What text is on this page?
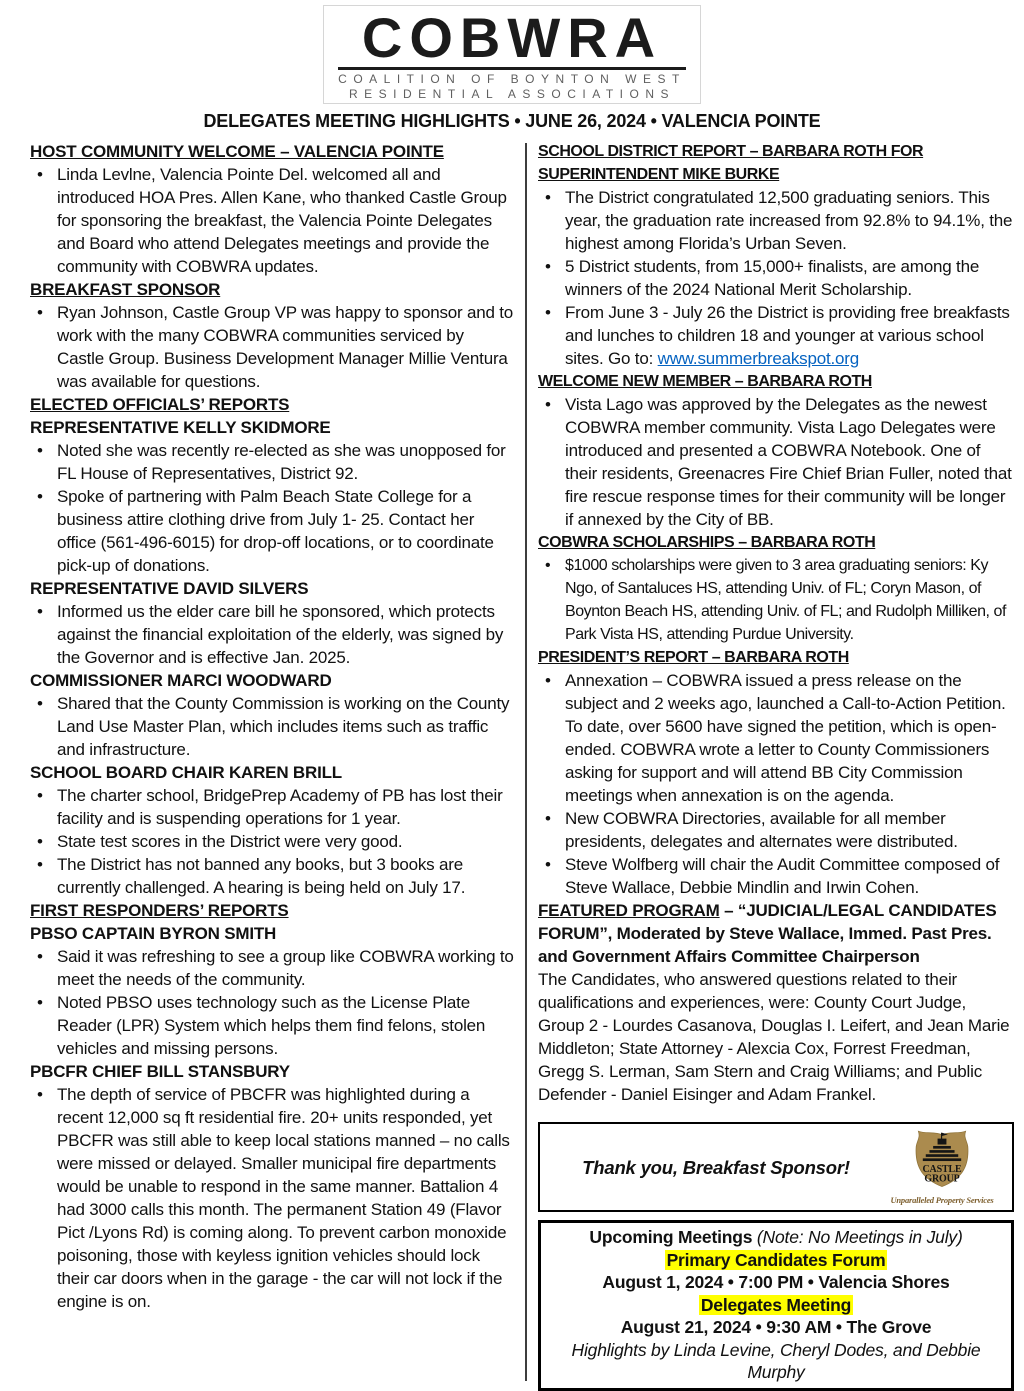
COBWRA
COALITION OF BOYNTON WEST
RESIDENTIAL ASSOCIATIONS
DELEGATES MEETING HIGHLIGHTS • JUNE 26, 2024 • VALENCIA POINTE
HOST COMMUNITY WELCOME – VALENCIA POINTE
• Linda Levlne, Valencia Pointe Del. welcomed all and introduced HOA Pres. Allen Kane, who thanked Castle Group for sponsoring the breakfast, the Valencia Pointe Delegates and Board who attend Delegates meetings and provide the community with COBWRA updates.
BREAKFAST SPONSOR
• Ryan Johnson, Castle Group VP was happy to sponsor and to work with the many COBWRA communities serviced by Castle Group. Business Development Manager Millie Ventura was available for questions.
ELECTED OFFICIALS’ REPORTS
REPRESENTATIVE KELLY SKIDMORE
• Noted she was recently re-elected as she was unopposed for FL House of Representatives, District 92.
• Spoke of partnering with Palm Beach State College for a business attire clothing drive from July 1- 25. Contact her office (561-496-6015) for drop-off locations, or to coordinate pick-up of donations.
REPRESENTATIVE DAVID SILVERS
• Informed us the elder care bill he sponsored, which protects against the financial exploitation of the elderly, was signed by the Governor and is effective Jan. 2025.
COMMISSIONER MARCI WOODWARD
• Shared that the County Commission is working on the County Land Use Master Plan, which includes items such as traffic and infrastructure.
SCHOOL BOARD CHAIR KAREN BRILL
• The charter school, BridgePrep Academy of PB has lost their facility and is suspending operations for 1 year.
• State test scores in the District were very good.
• The District has not banned any books, but 3 books are currently challenged. A hearing is being held on July 17.
FIRST RESPONDERS’ REPORTS
PBSO CAPTAIN BYRON SMITH
• Said it was refreshing to see a group like COBWRA working to meet the needs of the community.
• Noted PBSO uses technology such as the License Plate Reader (LPR) System which helps them find felons, stolen vehicles and missing persons.
PBCFR CHIEF BILL STANSBURY
• The depth of service of PBCFR was highlighted during a recent 12,000 sq ft residential fire. 20+ units responded, yet PBCFR was still able to keep local stations manned – no calls were missed or delayed. Smaller municipal fire departments would be unable to respond in the same manner. Battalion 4 had 3000 calls this month. The permanent Station 49 (Flavor Pict /Lyons Rd) is coming along. To prevent carbon monoxide poisoning, those with keyless ignition vehicles should lock their car doors when in the garage - the car will not lock if the engine is on.
SCHOOL DISTRICT REPORT – BARBARA ROTH FOR SUPERINTENDENT MIKE BURKE
• The District congratulated 12,500 graduating seniors. This year, the graduation rate increased from 92.8% to 94.1%, the highest among Florida’s Urban Seven.
• 5 District students, from 15,000+ finalists, are among the winners of the 2024 National Merit Scholarship.
• From June 3 - July 26 the District is providing free breakfasts and lunches to children 18 and younger at various school sites. Go to: www.summerbreakspot.org
WELCOME NEW MEMBER – BARBARA ROTH
• Vista Lago was approved by the Delegates as the newest COBWRA member community. Vista Lago Delegates were introduced and presented a COBWRA Notebook. One of their residents, Greenacres Fire Chief Brian Fuller, noted that fire rescue response times for their community will be longer if annexed by the City of BB.
COBWRA SCHOLARSHIPS – BARBARA ROTH
• $1000 scholarships were given to 3 area graduating seniors: Ky Ngo, of Santaluces HS, attending Univ. of FL; Coryn Mason, of Boynton Beach HS, attending Univ. of FL; and Rudolph Milliken, of Park Vista HS, attending Purdue University.
PRESIDENT’S REPORT – BARBARA ROTH
• Annexation – COBWRA issued a press release on the subject and 2 weeks ago, launched a Call-to-Action Petition. To date, over 5600 have signed the petition, which is open-ended. COBWRA wrote a letter to County Commissioners asking for support and will attend BB City Commission meetings when annexation is on the agenda.
• New COBWRA Directories, available for all member presidents, delegates and alternates were distributed.
• Steve Wolfberg will chair the Audit Committee composed of Steve Wallace, Debbie Mindlin and Irwin Cohen.
FEATURED PROGRAM – “JUDICIAL/LEGAL CANDIDATES FORUM”, Moderated by Steve Wallace, Immed. Past Pres. and Government Affairs Committee Chairperson
The Candidates, who answered questions related to their qualifications and experiences, were: County Court Judge, Group 2 - Lourdes Casanova, Douglas I. Leifert, and Jean Marie Middleton; State Attorney - Alexcia Cox, Forrest Freedman, Gregg S. Lerman, Sam Stern and Craig Williams; and Public Defender - Daniel Eisinger and Adam Frankel.
Thank you, Breakfast Sponsor!	CASTLE
GROUP
Unparalleled Property Services
Upcoming Meetings (Note: No Meetings in July)
Primary Candidates Forum
August 1, 2024 • 7:00 PM • Valencia Shores
Delegates Meeting
August 21, 2024 • 9:30 AM • The Grove
Highlights by Linda Levine, Cheryl Dodes, and Debbie Murphy
